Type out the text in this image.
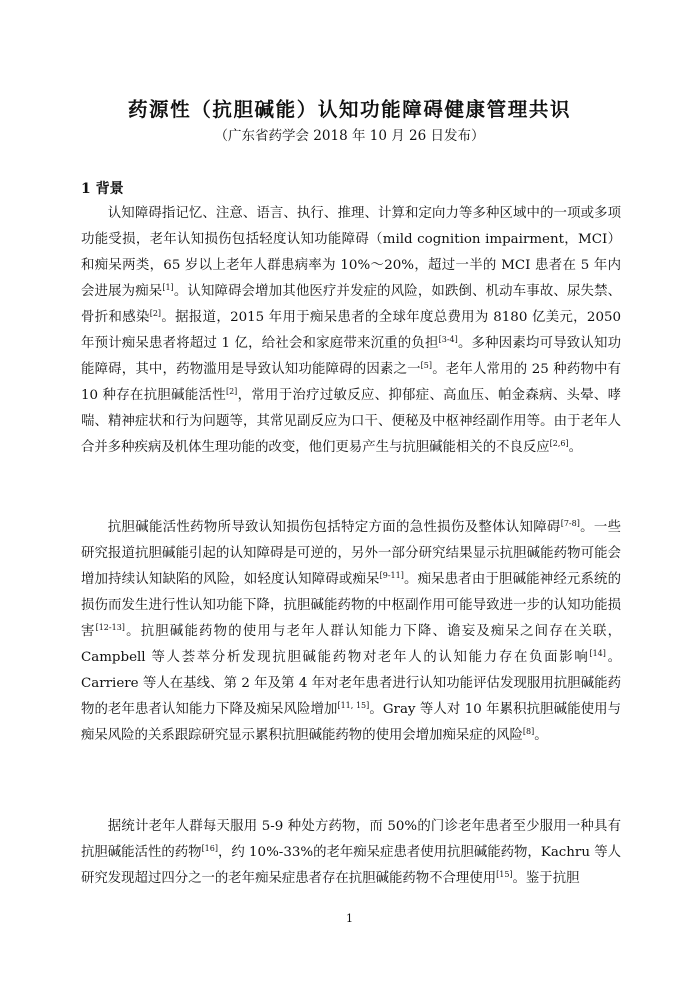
药源性（抗胆碱能）认知功能障碍健康管理共识
（广东省药学会 2018 年 10 月 26 日发布）
1 背景

认知障碍指记忆、注意、语言、执行、推理、计算和定向力等多种区域中的一项或多项功能受损，老年认知损伤包括轻度认知功能障碍（mild cognition impairment，MCI）和痴呆两类，65 岁以上老年人群患病率为 10%～20%，超过一半的 MCI 患者在 5 年内会进展为痴呆[1]。认知障碍会增加其他医疗并发症的风险，如跌倒、机动车事故、尿失禁、骨折和感染[2]。据报道，2015 年用于痴呆患者的全球年度总费用为 8180 亿美元，2050 年预计痴呆患者将超过 1 亿，给社会和家庭带来沉重的负担[3-4]。多种因素均可导致认知功能障碍，其中，药物滥用是导致认知功能障碍的因素之一[5]。老年人常用的 25 种药物中有 10 种存在抗胆碱能活性[2]，常用于治疗过敏反应、抑郁症、高血压、帕金森病、头晕、哮喘、精神症状和行为问题等，其常见副反应为口干、便秘及中枢神经副作用等。由于老年人合并多种疾病及机体生理功能的改变，他们更易产生与抗胆碱能相关的不良反应[2,6]。

抗胆碱能活性药物所导致认知损伤包括特定方面的急性损伤及整体认知障碍[7-8]。一些研究报道抗胆碱能引起的认知障碍是可逆的，另外一部分研究结果显示抗胆碱能药物可能会增加持续认知缺陷的风险，如轻度认知障碍或痴呆[9-11]。痴呆患者由于胆碱能神经元系统的损伤而发生进行性认知功能下降，抗胆碱能药物的中枢副作用可能导致进一步的认知功能损害[12-13]。抗胆碱能药物的使用与老年人群认知能力下降、谵妄及痴呆之间存在关联，Campbell 等人荟萃分析发现抗胆碱能药物对老年人的认知能力存在负面影响[14]。Carriere 等人在基线、第 2 年及第 4 年对老年患者进行认知功能评估发现服用抗胆碱能药物的老年患者认知能力下降及痴呆风险增加[11, 15]。Gray 等人对 10 年累积抗胆碱能使用与痴呆风险的关系跟踪研究显示累积抗胆碱能药物的使用会增加痴呆症的风险[8]。

据统计老年人群每天服用 5-9 种处方药物，而 50%的门诊老年患者至少服用一种具有抗胆碱能活性的药物[16]，约 10%-33%的老年痴呆症患者使用抗胆碱能药物，Kachru 等人研究发现超过四分之一的老年痴呆症患者存在抗胆碱能药物不合理使用[15]。鉴于抗胆

1
